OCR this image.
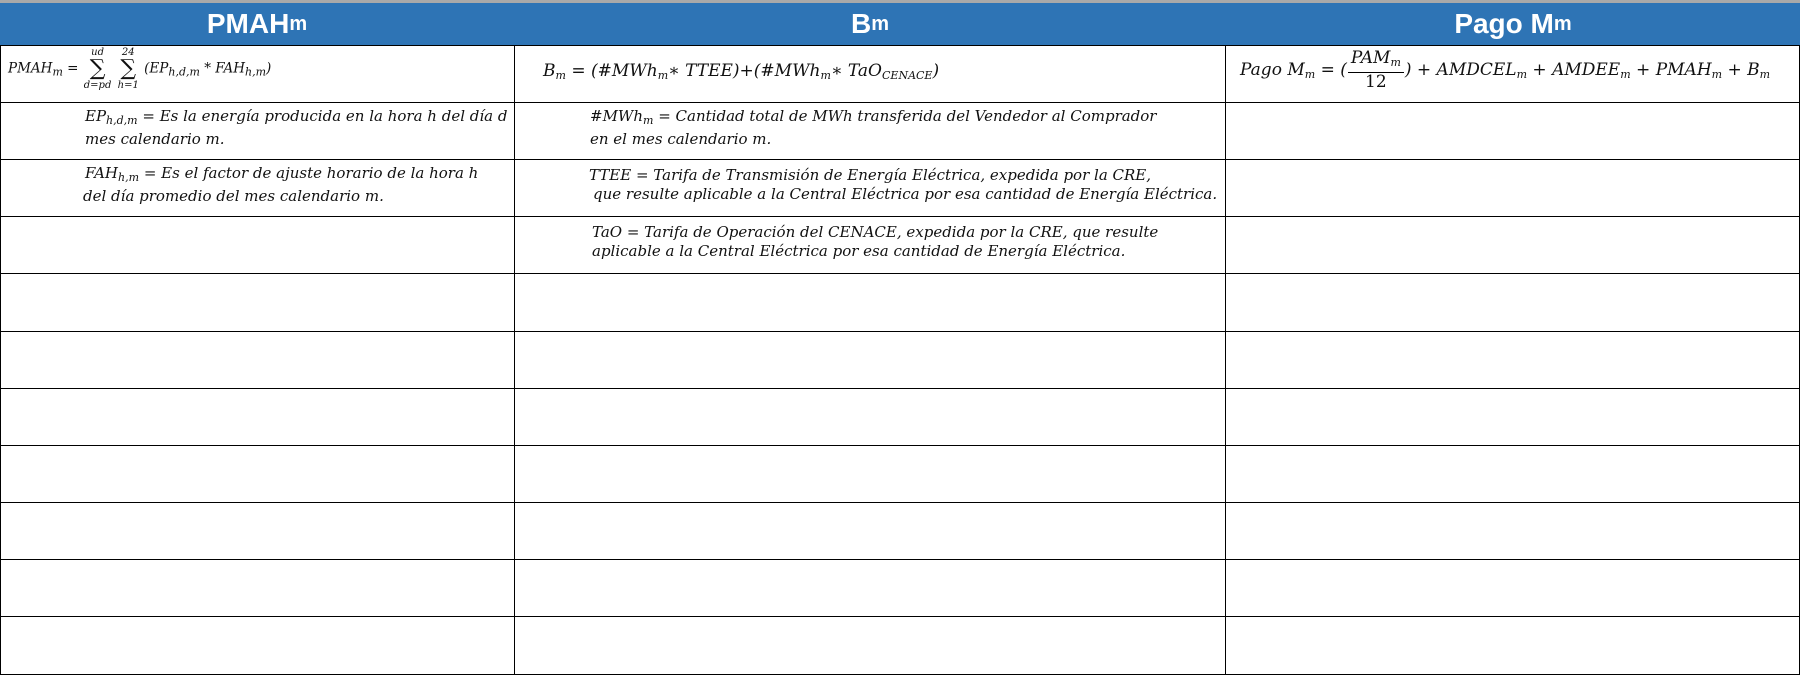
PMAH m	B m	Pago M m
$PMAH_m$ =
ud
∑
d=pd

24
∑
h=1
$(EP_{h,d,m} * FAH_{h,m})$
$EP_{h,d,m} = Es$ la energía producida en la hora h del día d
mes calendario m.
$FAH_{h,m} = Es$ el factor de ajuste horario de la hora h
del día promedio del mes calendario m.
$B_m$ = (#MWh$_m$∗ TTEE)+(#MWh$_m$∗ TaO$_{CENACE}$)
#MWh$_m$ = Cantidad total de MWh transferida del Vendedor al Comprador
en el mes calendario m.
TTEE = Tarifa de Transmisión de Energía Eléctrica, expedida por la CRE,
que resulte aplicable a la Central Eléctrica por esa cantidad de Energía Eléctrica.
TaO = Tarifa de Operación del CENACE, expedida por la CRE, que resulte
aplicable a la Central Eléctrica por esa cantidad de Energía Eléctrica.
Pago $M_m$ = ( $\frac{PAM_m}{12}$ ) + $AMDCEL_m$ + $AMDEE_m$ + $PMAH_m + B_m$
